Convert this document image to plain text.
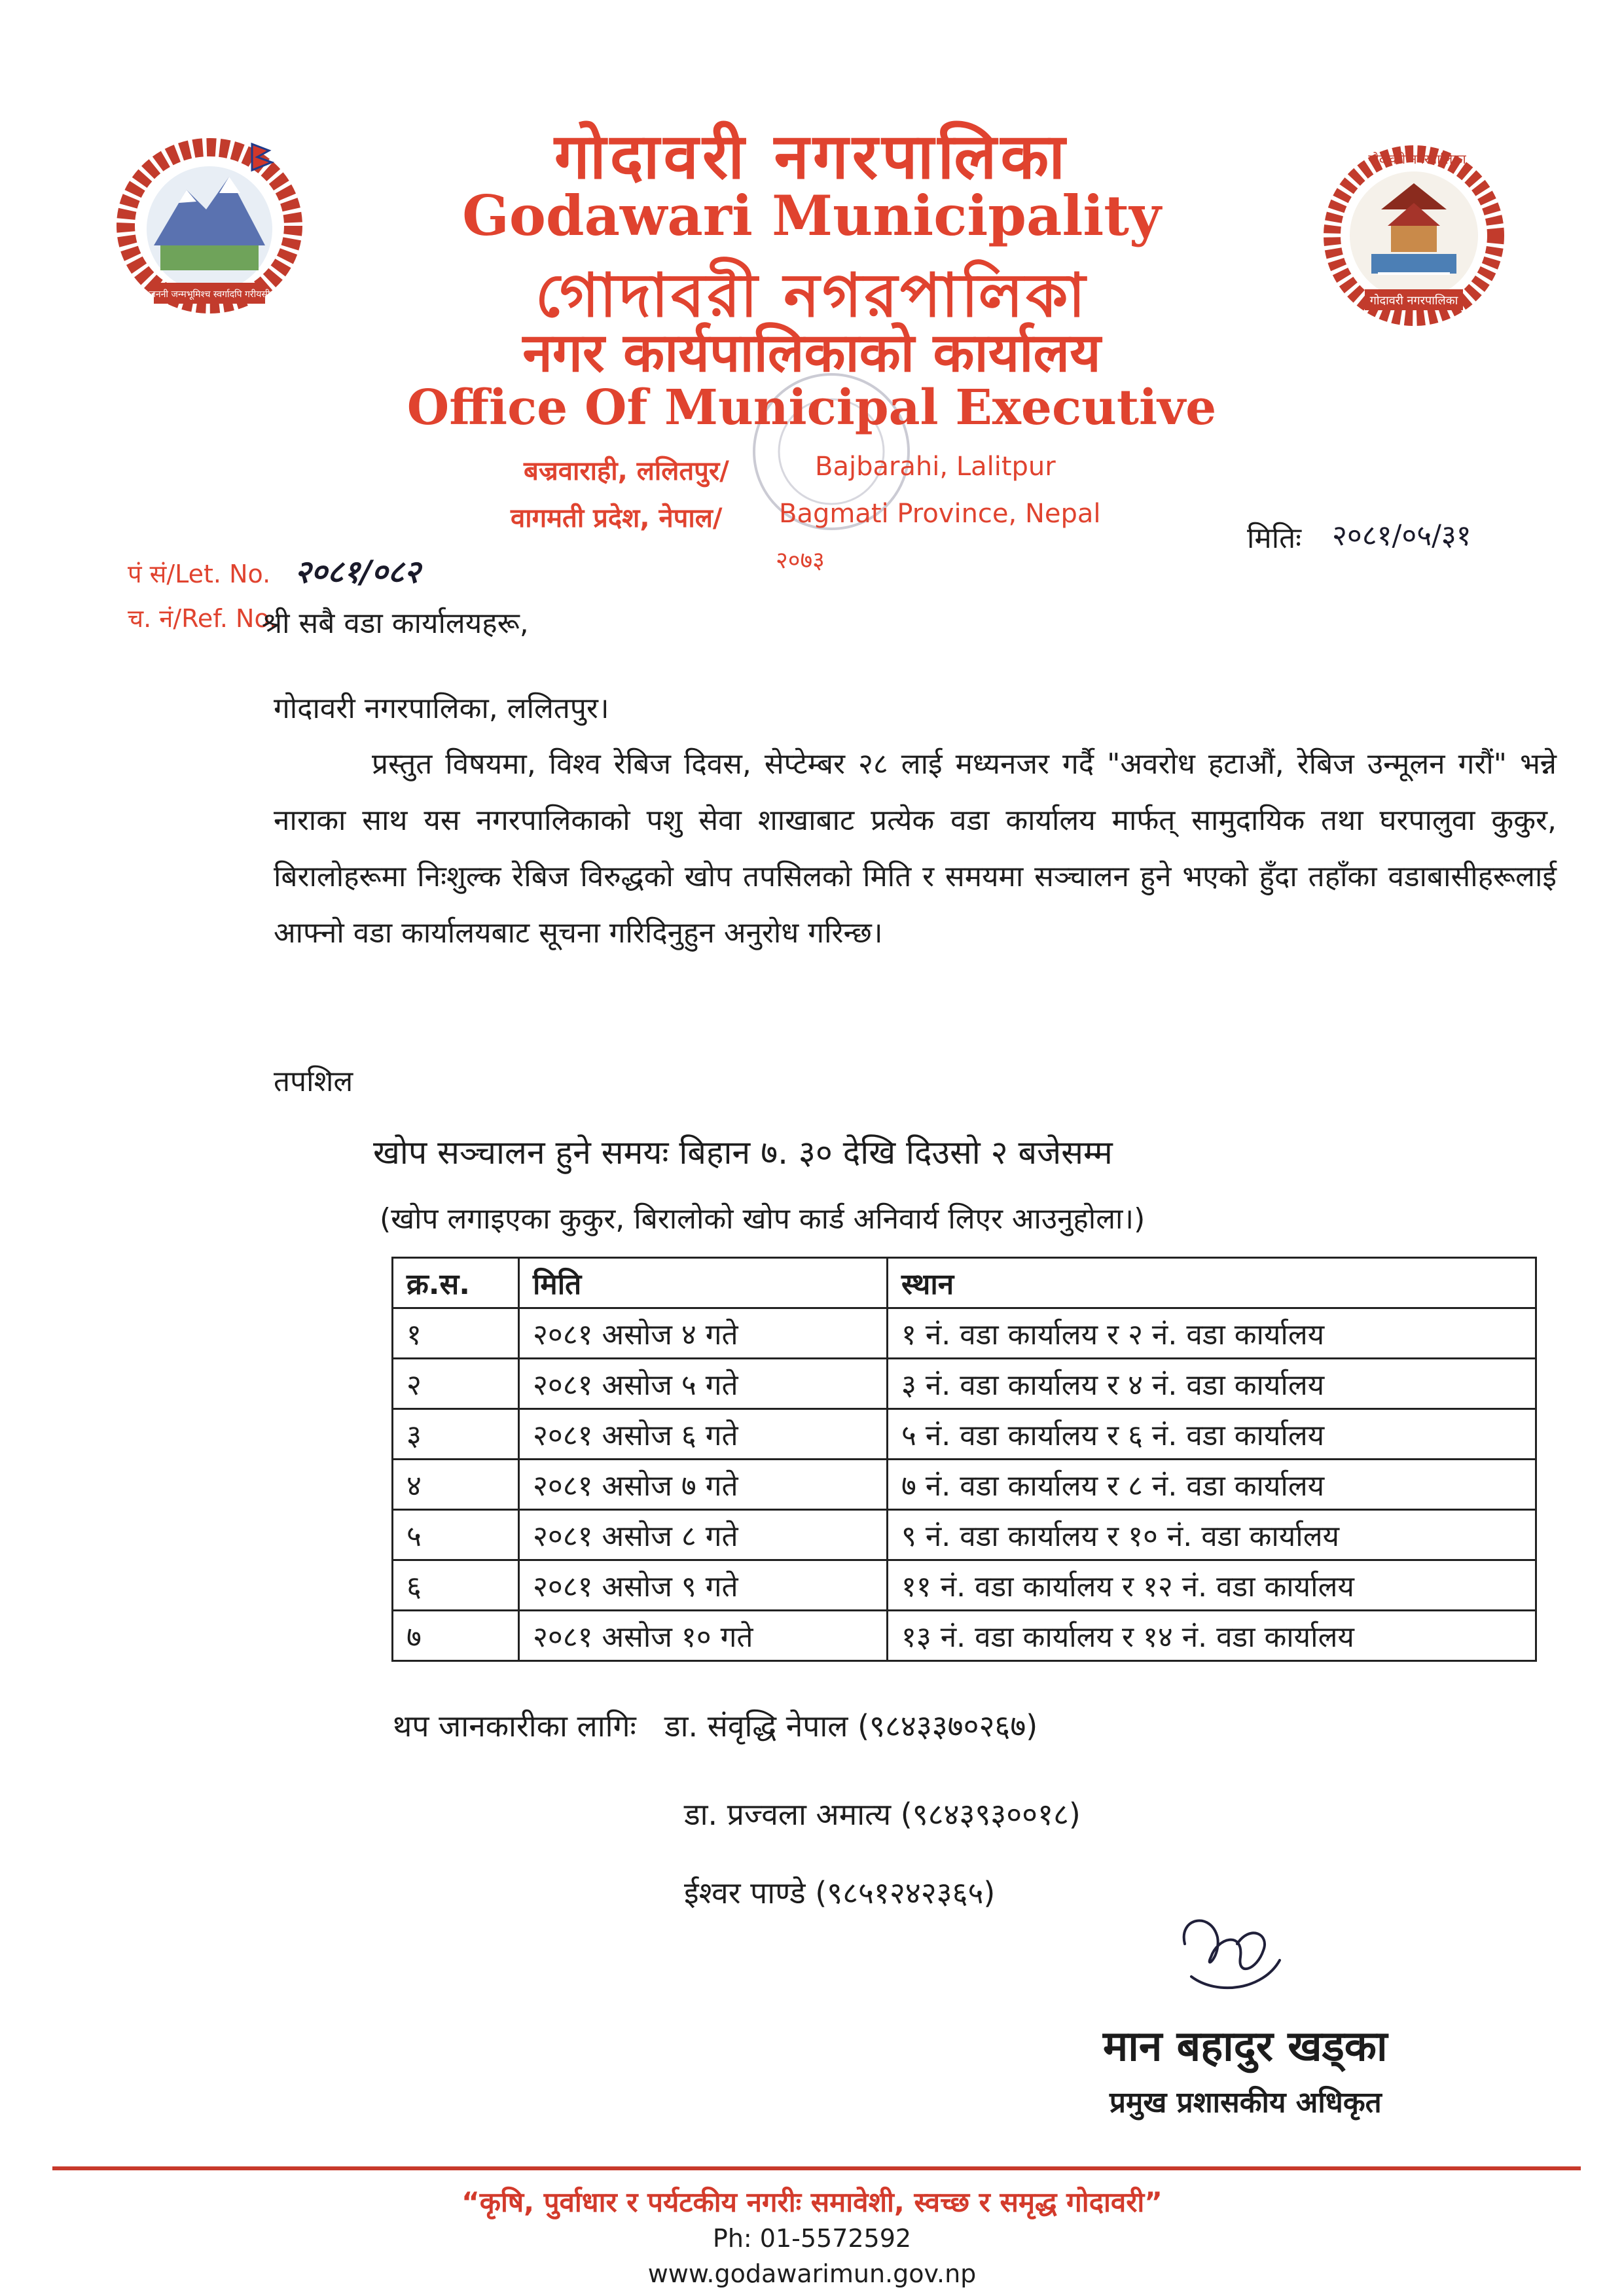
जननी जन्मभूमिश्च स्वर्गादपि गरीयसी
गोदावरी नगरपालिका
गोदावरी नगरपालिका
गोदावरी नगरपालिका
Godawari Municipality
গোদাবরী নগরপালিকা
नगर कार्यपालिकाको कार्यालय
Office Of Municipal Executive
बज्रवाराही, ललितपुर/	Bajbarahi, Lalitpur
वागमती प्रदेश, नेपाल/ Bagmati Province, Nepal
२०७३
मितिः २०८१/०५/३१
पं सं/Let. No. २०८१/०८२
च. नं/Ref. No.
श्री सबै वडा कार्यालयहरू,
गोदावरी नगरपालिका, ललितपुर।
प्रस्तुत विषयमा, विश्व रेबिज दिवस, सेप्टेम्बर २८ लाई मध्यनजर गर्दै "अवरोध हटाऔं, रेबिज उन्मूलन गरौं" भन्ने नाराका साथ यस नगरपालिकाको पशु सेवा शाखाबाट प्रत्येक वडा कार्यालय मार्फत् सामुदायिक तथा घरपालुवा कुकुर, बिरालोहरूमा निःशुल्क रेबिज विरुद्धको खोप तपसिलको मिति र समयमा सञ्चालन हुने भएको हुँदा तहाँका वडाबासीहरूलाई आफ्नो वडा कार्यालयबाट सूचना गरिदिनुहुन अनुरोध गरिन्छ।
तपशिल
खोप सञ्चालन हुने समयः बिहान ७. ३० देखि दिउसो २ बजेसम्म
(खोप लगाइएका कुकुर, बिरालोको खोप कार्ड अनिवार्य लिएर आउनुहोला।)
क्र.स.	मिति	स्थान
१	२०८१ असोज ४ गते	१ नं. वडा कार्यालय र २ नं. वडा कार्यालय
२	२०८१ असोज ५ गते	३ नं. वडा कार्यालय र ४ नं. वडा कार्यालय
३	२०८१ असोज ६ गते	५ नं. वडा कार्यालय र ६ नं. वडा कार्यालय
४	२०८१ असोज ७ गते	७ नं. वडा कार्यालय र ८ नं. वडा कार्यालय
५	२०८१ असोज ८ गते	९ नं. वडा कार्यालय र १० नं. वडा कार्यालय
६	२०८१ असोज ९ गते	११ नं. वडा कार्यालय र १२ नं. वडा कार्यालय
७	२०८१ असोज १० गते	१३ नं. वडा कार्यालय र १४ नं. वडा कार्यालय
थप जानकारीका लागिः डा. संवृद्धि नेपाल (९८४३३७०२६७)
डा. प्रज्वला अमात्य (९८४३९३००१८)
ईश्वर पाण्डे (९८५१२४२३६५)
मान बहादुर खड्का
प्रमुख प्रशासकीय अधिकृत
“कृषि, पुर्वाधार र पर्यटकीय नगरीः समावेशी, स्वच्छ र समृद्ध गोदावरी”
Ph: 01-5572592
www.godawarimun.gov.np
